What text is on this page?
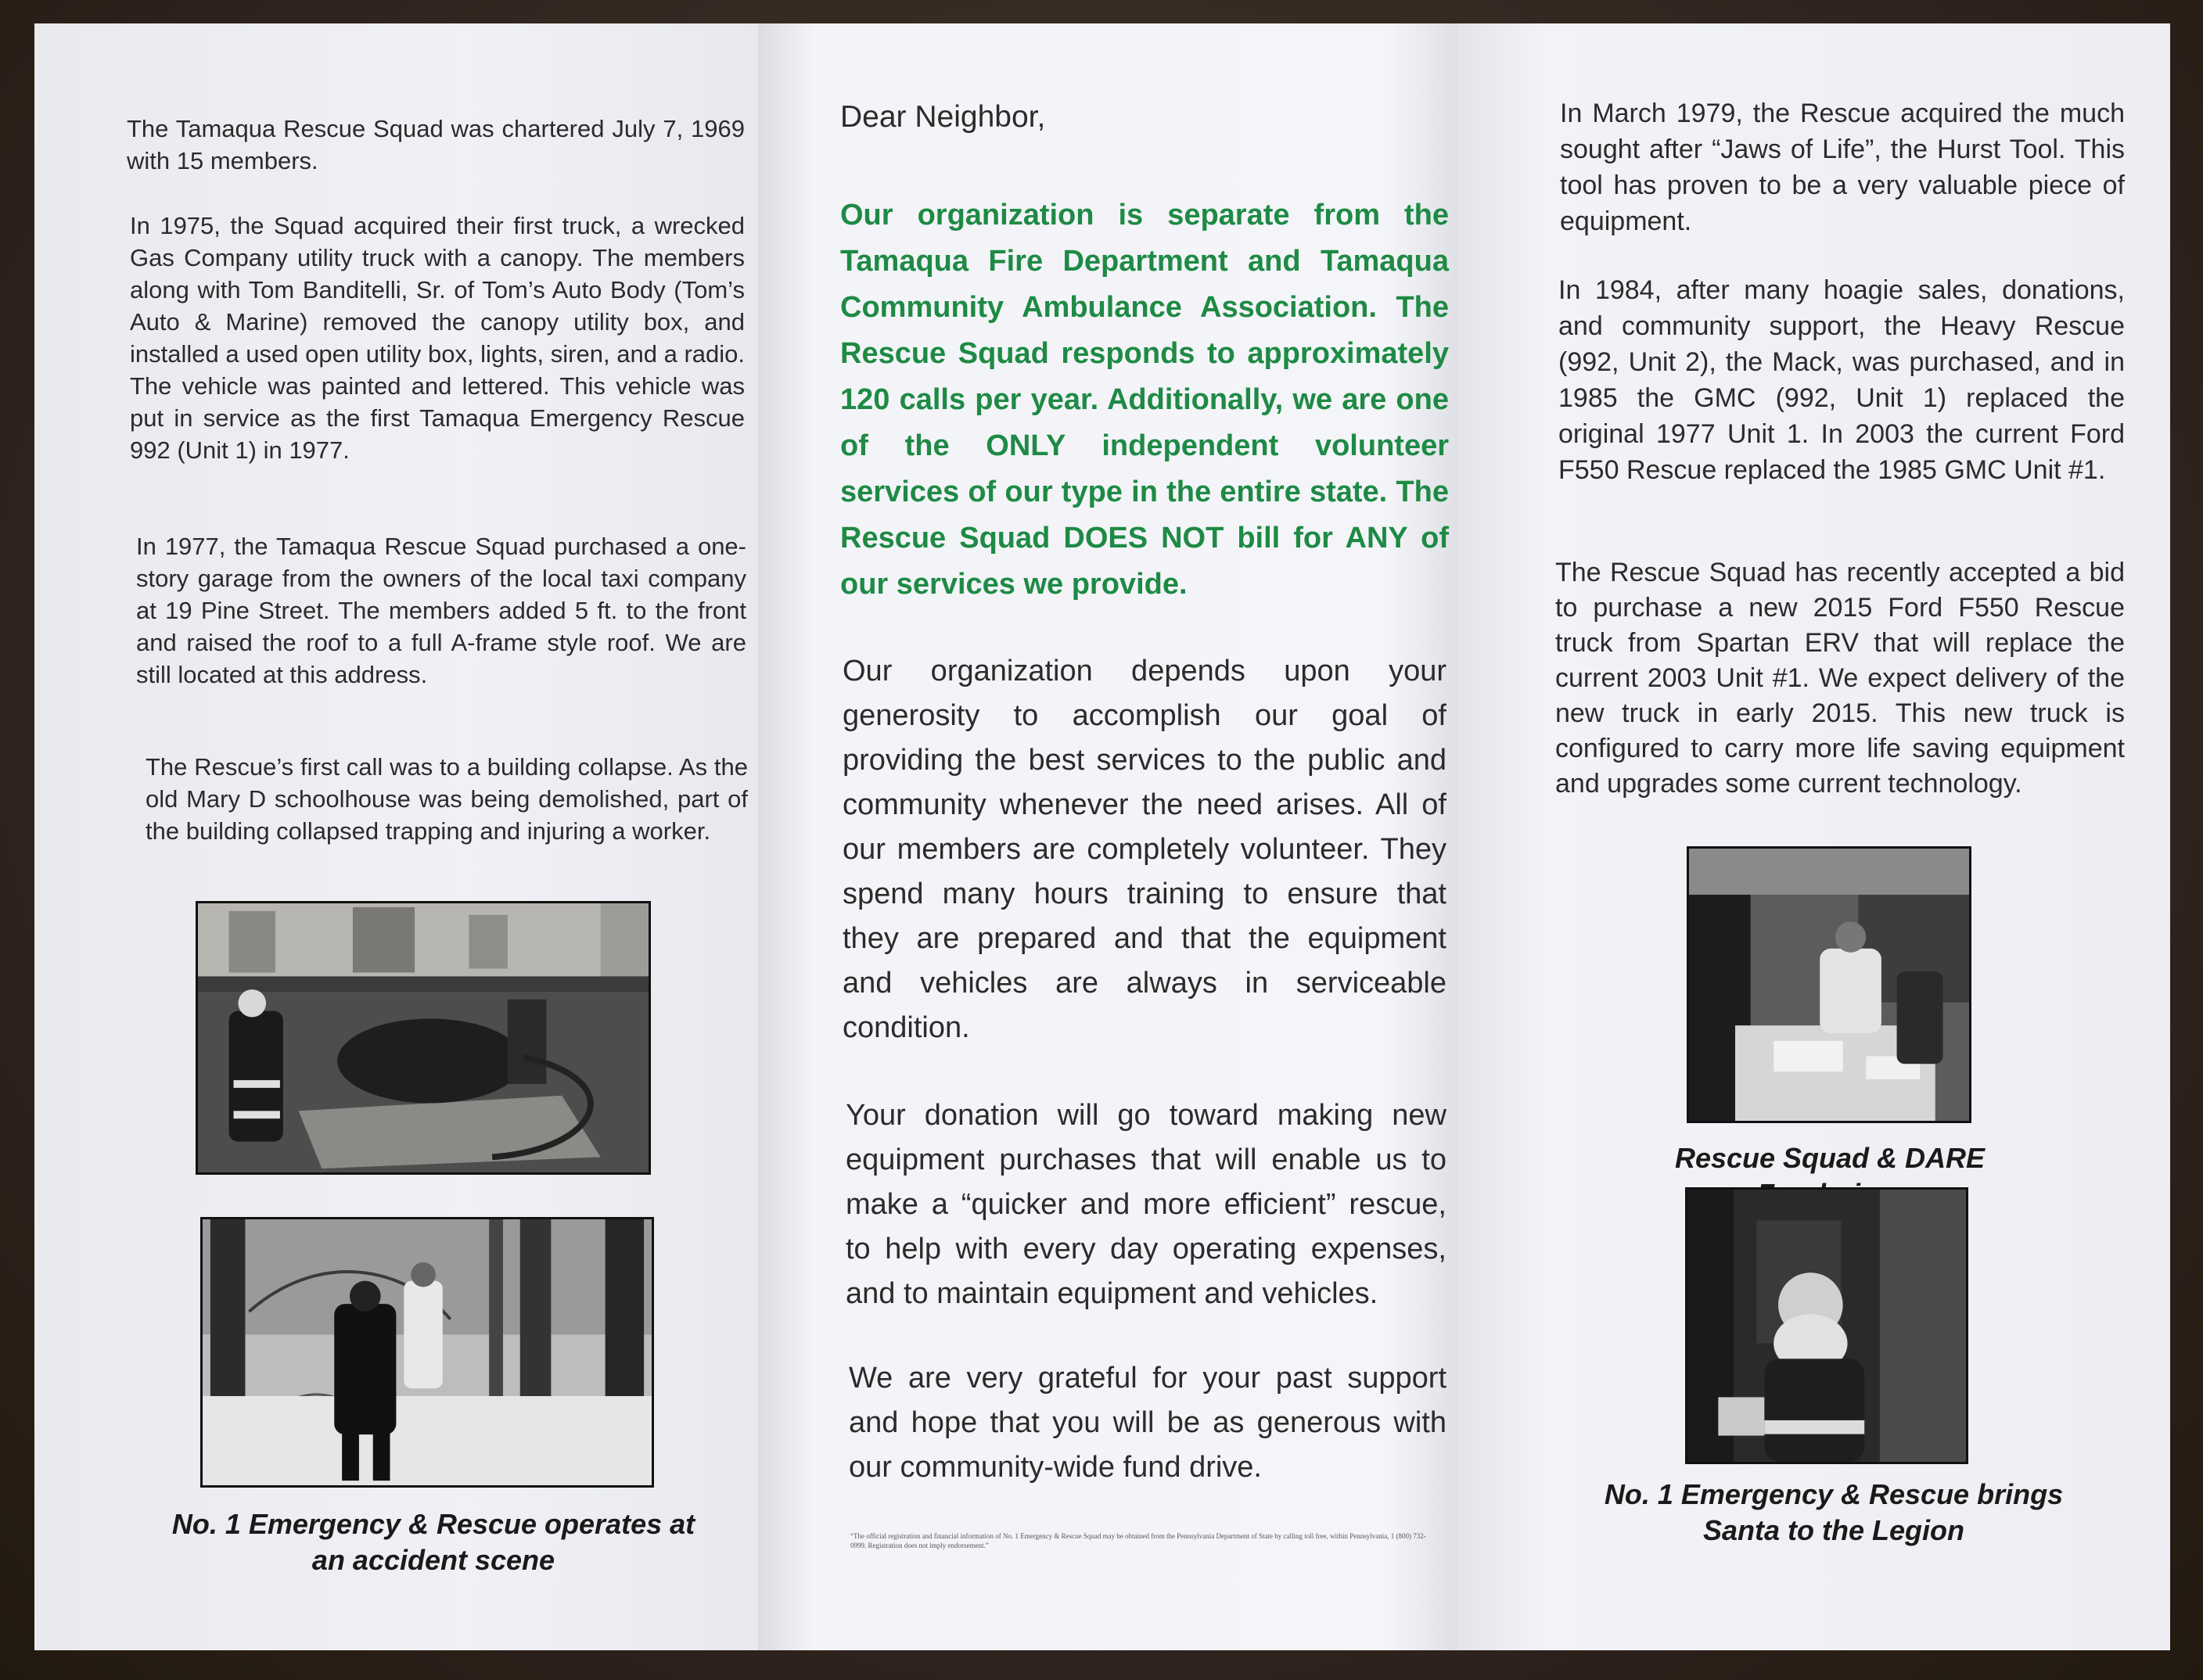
The Tamaqua Rescue Squad was chartered July 7, 1969 with 15 members.

In 1975, the Squad acquired their first truck, a wrecked Gas Company utility truck with a canopy. The members along with Tom Banditelli, Sr. of Tom’s Auto Body (Tom’s Auto & Marine) removed the canopy utility box, and installed a used open utility box, lights, siren, and a radio. The vehicle was painted and lettered. This vehicle was put in service as the first Tamaqua Emergency Rescue 992 (Unit 1) in 1977.

In 1977, the Tamaqua Rescue Squad purchased a one-story garage from the owners of the local taxi company at 19 Pine Street. The members added 5 ft. to the front and raised the roof to a full A-frame style roof. We are still located at this address.

The Rescue’s first call was to a building collapse. As the old Mary D schoolhouse was being demolished, part of the building collapsed trapping and injuring a worker.

No. 1 Emergency & Rescue operates at an accident scene

Dear Neighbor,

Our organization is separate from the Tamaqua Fire Department and Tamaqua Community Ambulance Association. The Rescue Squad responds to approximately 120 calls per year. Additionally, we are one of the ONLY independent volunteer services of our type in the entire state. The Rescue Squad DOES NOT bill for ANY of our services we provide.

Our organization depends upon your generosity to accomplish our goal of providing the best services to the public and community whenever the need arises. All of our members are completely volunteer. They spend many hours training to ensure that they are prepared and that the equipment and vehicles are always in serviceable condition.

Your donation will go toward making new equipment purchases that will enable us to make a “quicker and more efficient” rescue, to help with every day operating expenses, and to maintain equipment and vehicles.

We are very grateful for your past support and hope that you will be as generous with our community-wide fund drive.

“The official registration and financial information of No. 1 Emergency & Rescue Squad may be obtained from the Pennsylvania Department of State by calling toll free, within Pennsylvania, 1 (800) 732-0999. Registration does not imply endorsement.”

In March 1979, the Rescue acquired the much sought after “Jaws of Life”, the Hurst Tool. This tool has proven to be a very valuable piece of equipment.

In 1984, after many hoagie sales, donations, and community support, the Heavy Rescue (992, Unit 2), the Mack, was purchased, and in 1985 the GMC (992, Unit 1) replaced the original 1977 Unit 1. In 2003 the current Ford F550 Rescue replaced the 1985 GMC Unit #1.

The Rescue Squad has recently accepted a bid to purchase a new 2015 Ford F550 Rescue truck from Spartan ERV that will replace the current 2003 Unit #1. We expect delivery of the new truck in early 2015. This new truck is configured to carry more life saving equipment and upgrades some current technology.

Rescue Squad & DARE
No. 1 Emergency & Rescue brings Santa to the Legion
